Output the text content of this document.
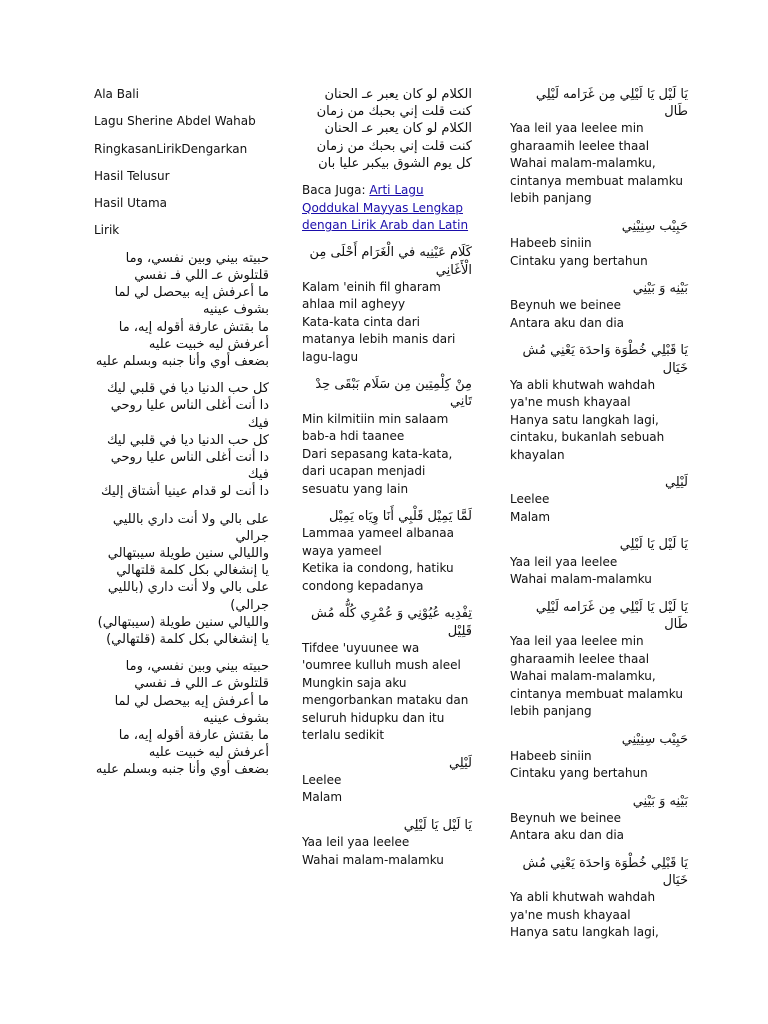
Ala Bali

Lagu Sherine Abdel Wahab

RingkasanLirikDengarkan

Hasil Telusur

Hasil Utama

Lirik

حبيته بيني وبين نفسي، وما قلتلوش عـ اللي فـ نفسي
ما أعرفش إيه بيحصل لي لما بشوف عينيه
ما بقتش عارفة أقوله إيه، ما أعرفش ليه خبيت عليه
بضعف أوي وأنا جنبه وبسلم عليه
كل حب الدنيا ديا في قلبي ليك
دا أنت أغلى الناس عليا روحي فيك
كل حب الدنيا ديا في قلبي ليك
دا أنت أغلى الناس عليا روحي فيك
دا أنت لو قدام عينيا أشتاق إليك
على بالي ولا أنت داري بالليي جرالي
والليالي سنين طويلة سيبتهالي
يا إنشغالي بكل كلمة قلتهالي
على بالي ولا أنت داري (بالليي جرالي)
والليالي سنين طويلة (سيبتهالي)
يا إنشغالي بكل كلمة (قلتهالي)
حبيته بيني وبين نفسي، وما قلتلوش عـ اللي فـ نفسي
ما أعرفش إيه بيحصل لي لما بشوف عينيه
ما بقتش عارفة أقوله إيه، ما أعرفش ليه خبيت عليه
بضعف أوي وأنا جنبه وبسلم عليه
الكلام لو كان يعبر عـ الحنان كنت قلت إني بحبك من زمان
الكلام لو كان يعبر عـ الحنان كنت قلت إني بحبك من زمان
كل يوم الشوق بيكبر عليا بان

Baca Juga: Arti Lagu Qoddukal Mayyas Lengkap dengan Lirik Arab dan Latin

كَلَام عَيْنِيه في الْغَرَام أَحْلَى مِن الْأَغَانِي
Kalam 'einih fil gharam ahlaa mil agheyy
Kata-kata cinta dari matanya lebih manis dari lagu-lagu
مِنْ كِلْمِتِين مِن سَلَام بَبْقَى حِدْ تَانِي
Min kilmitiin min salaam bab-a hdi taanee
Dari sepasang kata-kata, dari ucapan menjadi sesuatu yang lain
لَمَّا يَمِيْل قَلْبِي أَنَا وِيَاه يَمِيْل
Lammaa yameel albanaa waya yameel
Ketika ia condong, hatiku condong kepadanya
تِفْدِيه عُيُوْنِي وَ عُمْرِي كُلُّه مُش قَلِيْل
Tifdee 'uyuunee wa 'oumree kulluh mush aleel
Mungkin saja aku mengorbankan mataku dan seluruh hidupku dan itu terlalu sedikit
لَيْلِي
Leelee
Malam
يَا لَيْل يَا لَيْلِي
Yaa leil yaa leelee
Wahai malam-malamku
يَا لَيْل يَا لَيْلِي مِن غَرَامه لَيْلِي طَال
Yaa leil yaa leelee min gharaamih leelee thaal
Wahai malam-malamku, cintanya membuat malamku lebih panjang
حَبِيْب سِنِيْنِي
Habeeb siniin
Cintaku yang bertahun
بَيْنِه وَ بَيْنِي
Beynuh we beinee
Antara aku dan dia
يَا قَبْلِي خُطْوَة وَاحدَة يَعْنِي مُش خَيَال
Ya abli khutwah wahdah ya'ne mush khayaal
Hanya satu langkah lagi, cintaku, bukanlah sebuah khayalan
لَيْلِي
Leelee
Malam
يَا لَيْل يَا لَيْلِي
Yaa leil yaa leelee
Wahai malam-malamku
يَا لَيْل يَا لَيْلِي مِن غَرَامه لَيْلِي طَال
Yaa leil yaa leelee min gharaamih leelee thaal
Wahai malam-malamku, cintanya membuat malamku lebih panjang
حَبِيْب سِنِيْنِي
Habeeb siniin
Cintaku yang bertahun
بَيْنِه وَ بَيْنِي
Beynuh we beinee
Antara aku dan dia
يَا قَبْلِي خُطْوَة وَاحدَة يَعْنِي مُش خَيَال
Ya abli khutwah wahdah ya'ne mush khayaal
Hanya satu langkah lagi,
